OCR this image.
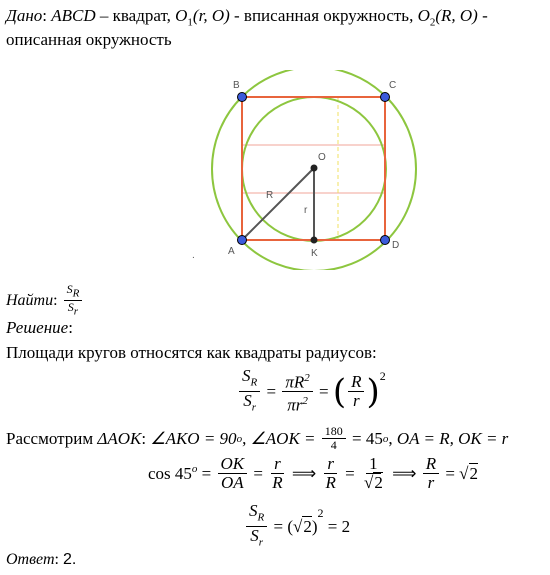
Дано: ABCD – квадрат, $O_1(r$, O) - вписанная окружность, $O_2(R$, O) -
описанная окружность
B	C
A
D
O
K
R
r
.
Найти : $\frac{SR}{Sr}$
Решение:
Площади кругов относятся как квадраты радиусов:
$\frac{S_R}{S_r} = \frac{\pi R^2}{\pi r^2}$ = ( $\frac{R}{r}$ ) 2
Рассмотрим
ΔAOK : ∠AKO = 90 o , ∠AOK =
$\frac{180}{4}$
= 45 o , OA = R, OK = r
cos 45 $o = \frac{OK}{OA} = \frac{r}{R}$ ⟹ $\frac{r}{R} = \frac{1}{√2}$ ⟹ $\frac{R}{r}$ = √ 2
$\frac{S_R}{S_r}$ = (√ 2 )
2
= 2
Ответ: 2.
